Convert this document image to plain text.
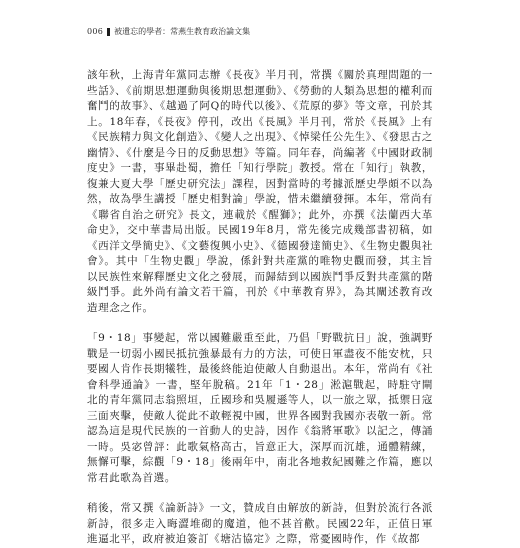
006 被遺忘的學者：常燕生教育政治論文集

該年秋，上海青年黨同志辦《長夜》半月刊，常撰《關於真理問題的一些話》、《前期思想運動與後期思想運動》、《勞動的人類為思想的權利而奮鬥的故事》、《越過了阿Q的時代以後》、《荒原的夢》等文章，刊於其上。18年春，《長夜》停刊，改出《長風》半月刊，常於《長風》上有《民族精力與文化創造》、《變人之出現》、《悼梁任公先生》、《發思古之幽情》、《什麼是今日的反動思想》等篇。同年春，尚編著《中國財政制度史》一書，事畢赴蜀，擔任「知行學院」教授。常在「知行」執教，復兼大夏大學「歷史研究法」課程，因對當時的考據派歷史學頗不以為然，故為學生講授「歷史相對論」學說，惜未繼續發揮。本年，常尚有《聯省自治之研究》長文，連載於《醒獅》；此外，亦撰《法蘭西大革命史》，交中華書局出版。民國19年8月，常先後完成幾部書初稿，如《西洋文學簡史》、《文藝復興小史》、《德國發達簡史》、《生物史觀與社會》。其中「生物史觀」學說，係針對共產黨的唯物史觀而發，其主旨以民族性來解釋歷史文化之發展，而歸結到以國族鬥爭反對共產黨的階級鬥爭。此外尚有論文若干篇，刊於《中華教育界》，為其闡述教育改造理念之作。

「9・18」事變起，常以國難嚴重至此，乃倡「野戰抗日」說，強調野戰是一切弱小國民抵抗強暴最有力的方法，可使日軍盡夜不能安枕，只要國人肯作長期犧牲，最後終能迫使敵人自動退出。本年，常尚有《社會科學通論》一書，堅年脫稿。21年「1・28」淞滬戰起，時駐守閘北的青年黨同志翁照垣，丘國珍和吳履遜等人，以一旅之眾，抵禦日寇三面夾擊，使敵人從此不敢輕視中國，世界各國對我國亦表敬一新。常認為這是現代民族的一首動人的史詩，因作《翁將軍歌》以記之，傳誦一時。吳宓曾評：此歌氣格高古，旨意正大，深厚而沉雄，通體精練，無懈可擊，綜觀「9・18」後兩年中，南北各地救紀國難之作篇，應以常君此歌為首選。

稍後，常又撰《論新詩》一文，贊成自由解放的新詩，但對於流行各派新詩，很多走入晦澀堆砌的魔道，他不甚首歡。民國22年，正值日軍進逼北平，政府被迫簽訂《塘沽協定》之際，常憂國時作，作《故都
